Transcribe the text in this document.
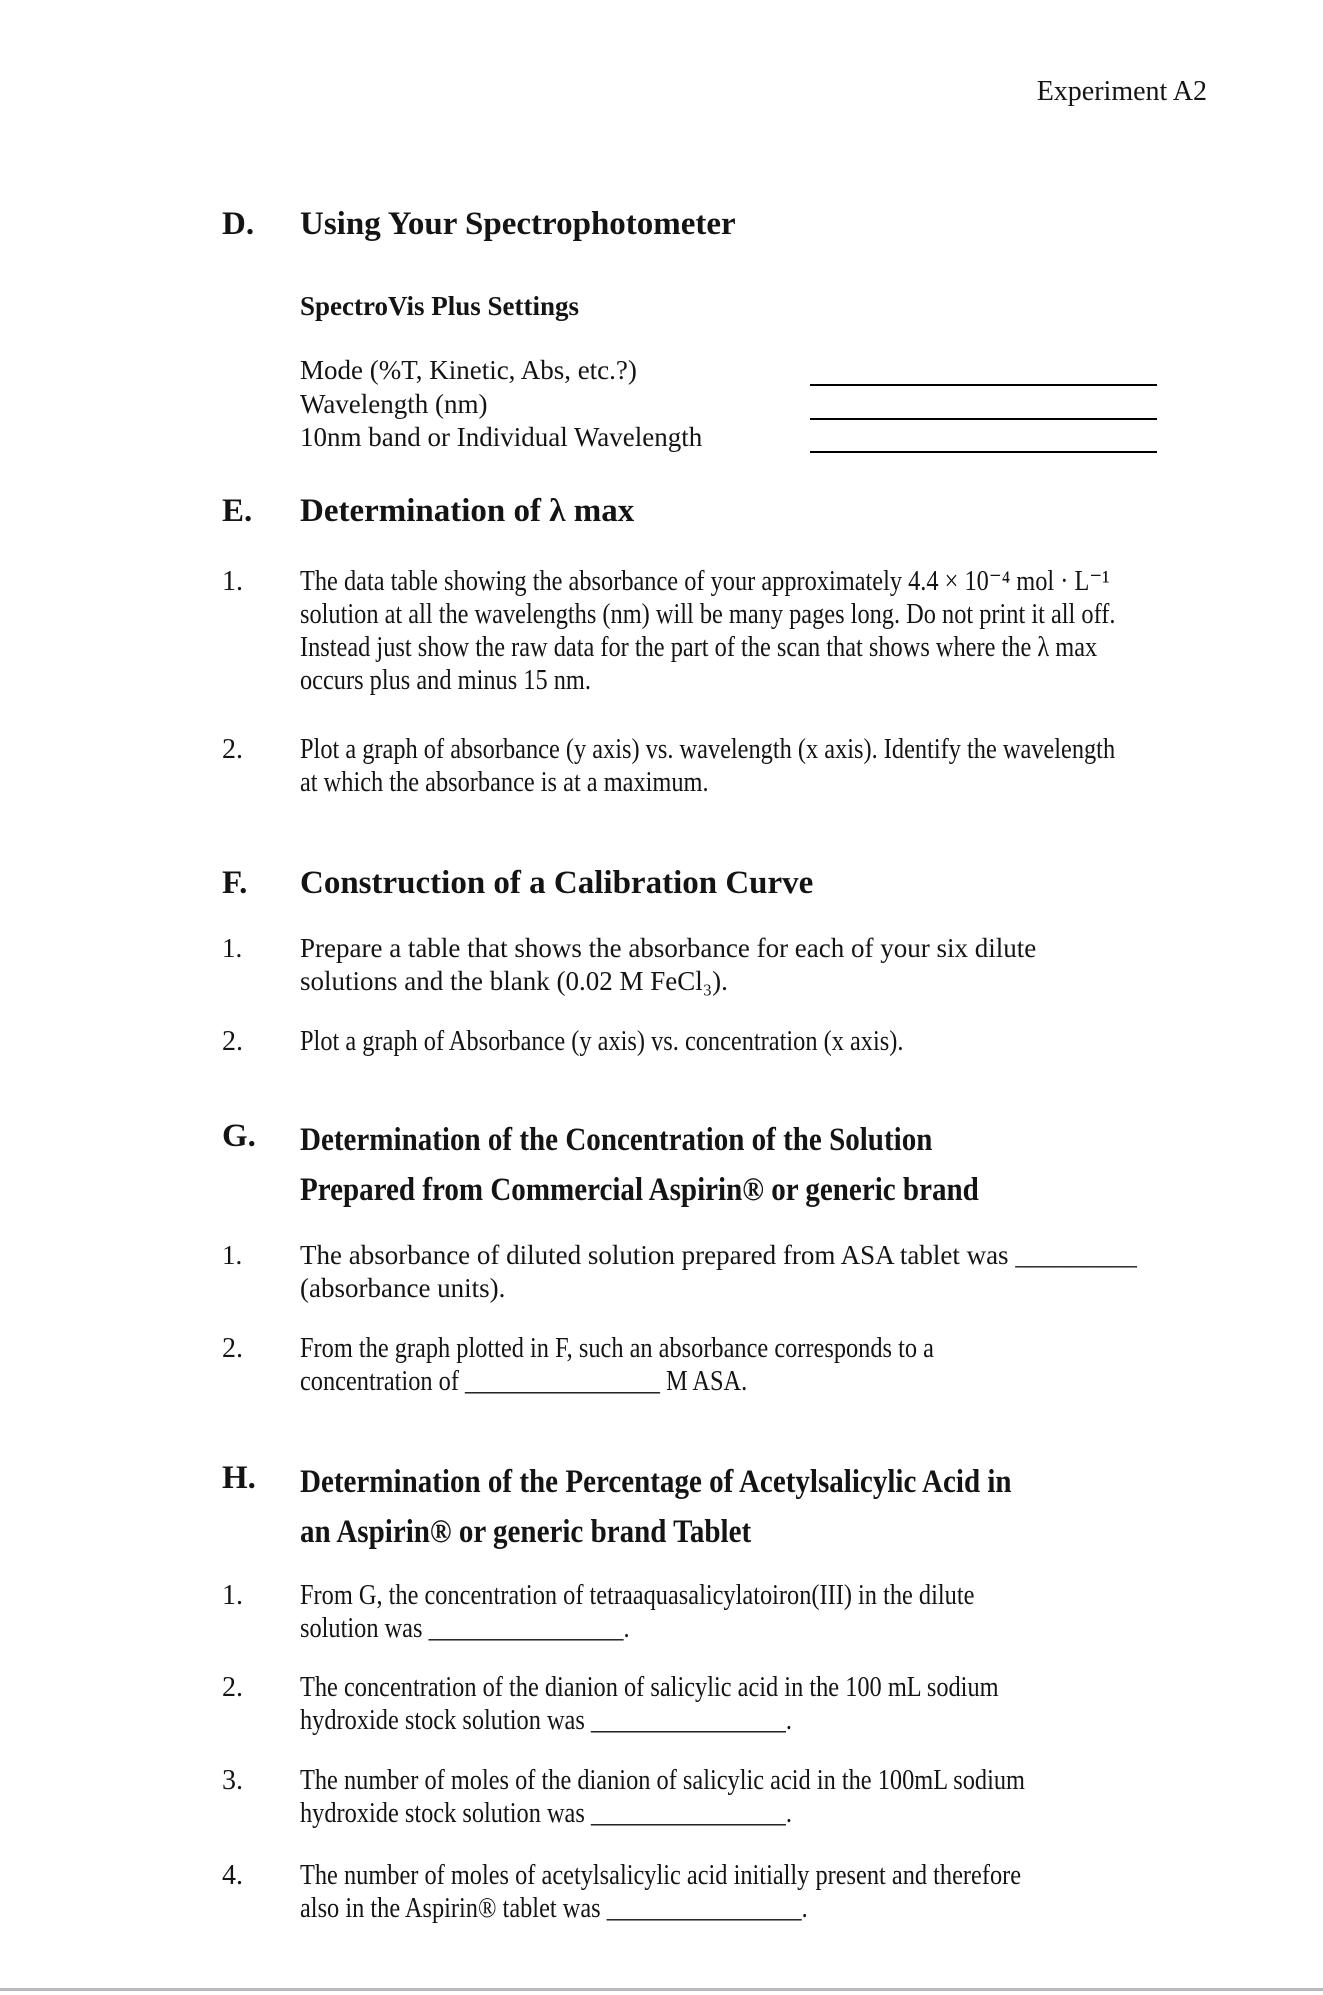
Experiment A2
D.	Using Your Spectrophotometer
SpectroVis Plus Settings
Mode (%T, Kinetic, Abs, etc.?)
Wavelength (nm)
10nm band or Individual Wavelength
E.	Determination of λ max
1.	The data table showing the absorbance of your approximately 4.4 × 10⁻⁴ mol · L⁻¹
solution at all the wavelengths (nm) will be many pages long. Do not print it all off.
Instead just show the raw data for the part of the scan that shows where the λ max
occurs plus and minus 15 nm.
2.	Plot a graph of absorbance (y axis) vs. wavelength (x axis). Identify the wavelength
at which the absorbance is at a maximum.
F.	Construction of a Calibration Curve
1.	Prepare a table that shows the absorbance for each of your six dilute
solutions and the blank (0.02 M FeCl₃).
2.	Plot a graph of Absorbance (y axis) vs. concentration (x axis).
G.	Determination of the Concentration of the Solution
Prepared from Commercial Aspirin® or generic brand
1.	The absorbance of diluted solution prepared from ASA tablet was _________
(absorbance units).
2.	From the graph plotted in F, such an absorbance corresponds to a
concentration of ________________ M ASA.
H.	Determination of the Percentage of Acetylsalicylic Acid in
an Aspirin® or generic brand Tablet
1.	From G, the concentration of tetraaquasalicylatoiron(III) in the dilute
solution was ________________.
2.	The concentration of the dianion of salicylic acid in the 100 mL sodium
hydroxide stock solution was ________________.
3.	The number of moles of the dianion of salicylic acid in the 100mL sodium
hydroxide stock solution was ________________.
4.	The number of moles of acetylsalicylic acid initially present and therefore
also in the Aspirin® tablet was ________________.
